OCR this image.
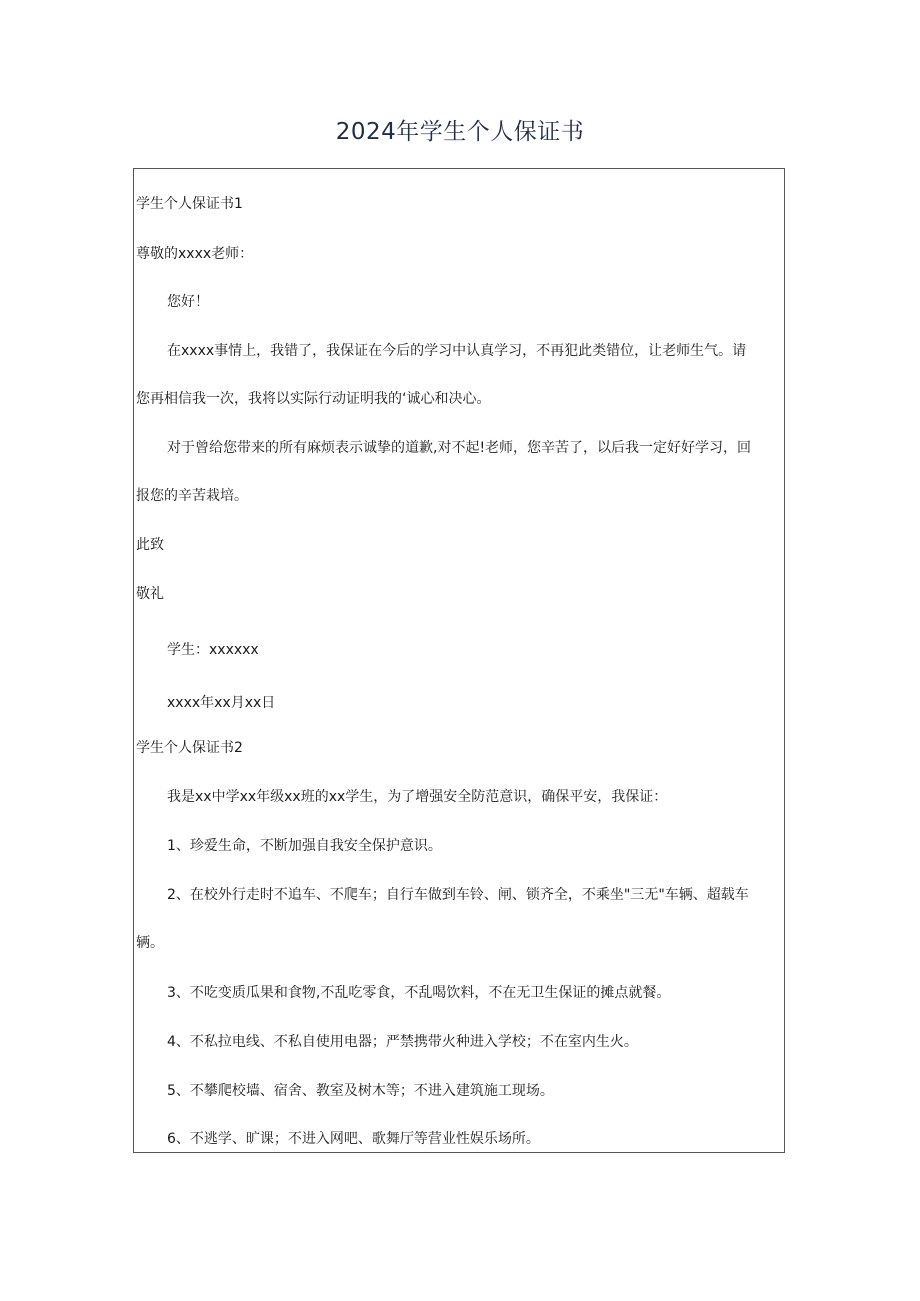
2024年学生个人保证书
学生个人保证书1
尊敬的xxxx老师：
您好！
在xxxx事情上，我错了，我保证在今后的学习中认真学习，不再犯此类错位，让老师生气。请
您再相信我一次，我将以实际行动证明我的‘诚心和决心。
对于曾给您带来的所有麻烦表示诚挚的道歉,对不起!老师，您辛苦了，以后我一定好好学习，回
报您的辛苦栽培。
此致
敬礼
学生：xxxxxx
xxxx年xx月xx日
学生个人保证书2
我是xx中学xx年级xx班的xx学生，为了增强安全防范意识，确保平安，我保证：
1、珍爱生命，不断加强自我安全保护意识。
2、在校外行走时不追车、不爬车；自行车做到车铃、闸、锁齐全，不乘坐"三无"车辆、超载车
辆。
3、不吃变质瓜果和食物,不乱吃零食，不乱喝饮料，不在无卫生保证的摊点就餐。
4、不私拉电线、不私自使用电器；严禁携带火种进入学校；不在室内生火。
5、不攀爬校墙、宿舍、教室及树木等；不进入建筑施工现场。
6、不逃学、旷课；不进入网吧、歌舞厅等营业性娱乐场所。
